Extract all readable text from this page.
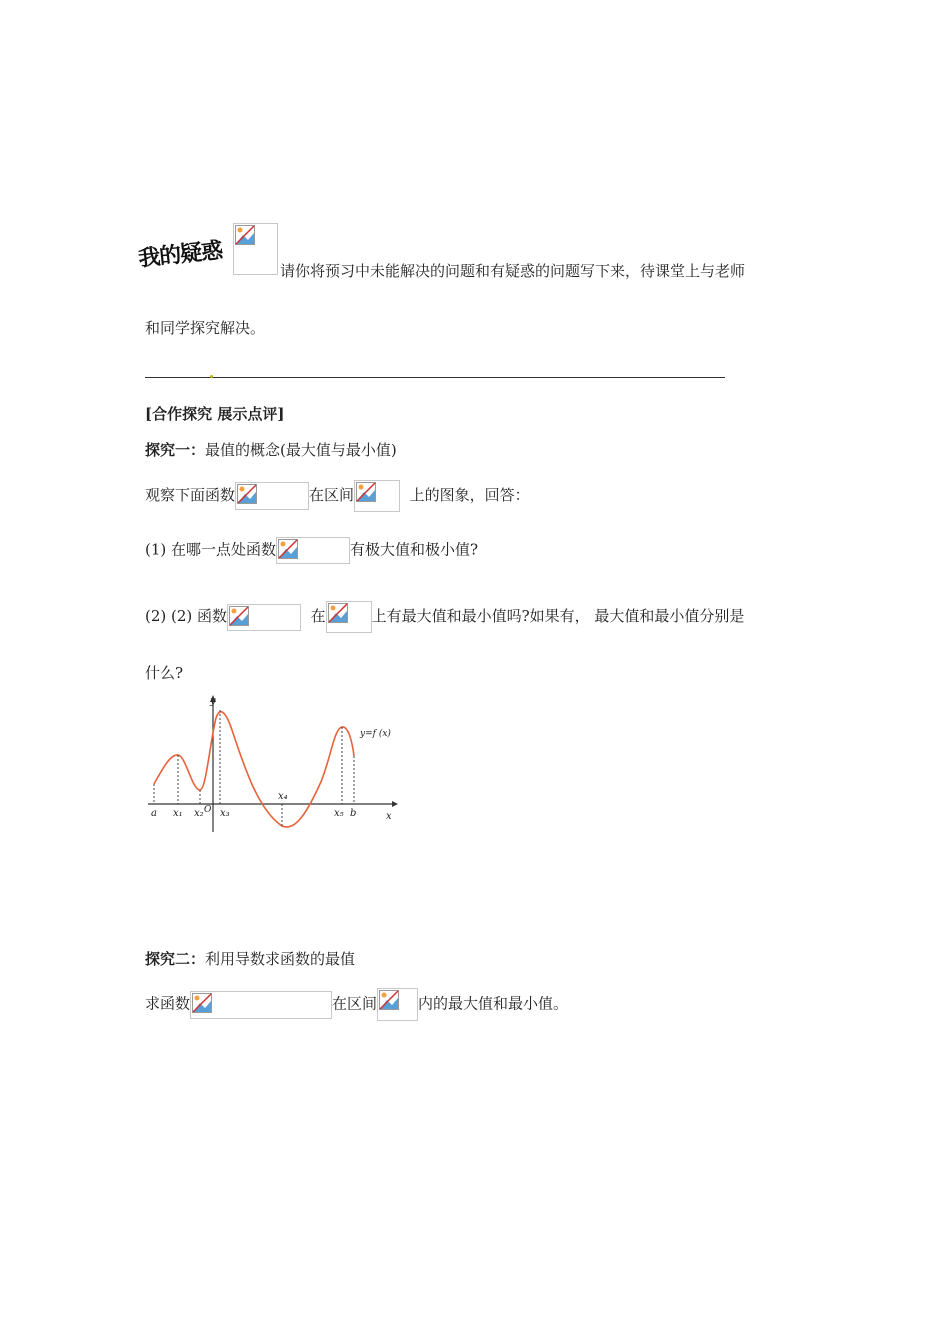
我的疑惑	请你将预习中未能解决的问题和有疑惑的问题写下来，待课堂上与老师
和同学探究解决。
[合作探究 展示点评]
探究一：最值的概念(最大值与最小值)
观察下面函数	在区间	上的图象，回答：
(1) 在哪一点处函数	有极大值和极小值?
(2) (2) 函数	在	上有最大值和最小值吗?如果有， 最大值和最小值分别是
什么?
y
x
O
y=f (x)
a x₁ x₂ x₃
x₄
x₅ b
探究二：利用导数求函数的最值
求函数	在区间	内的最大值和最小值。
